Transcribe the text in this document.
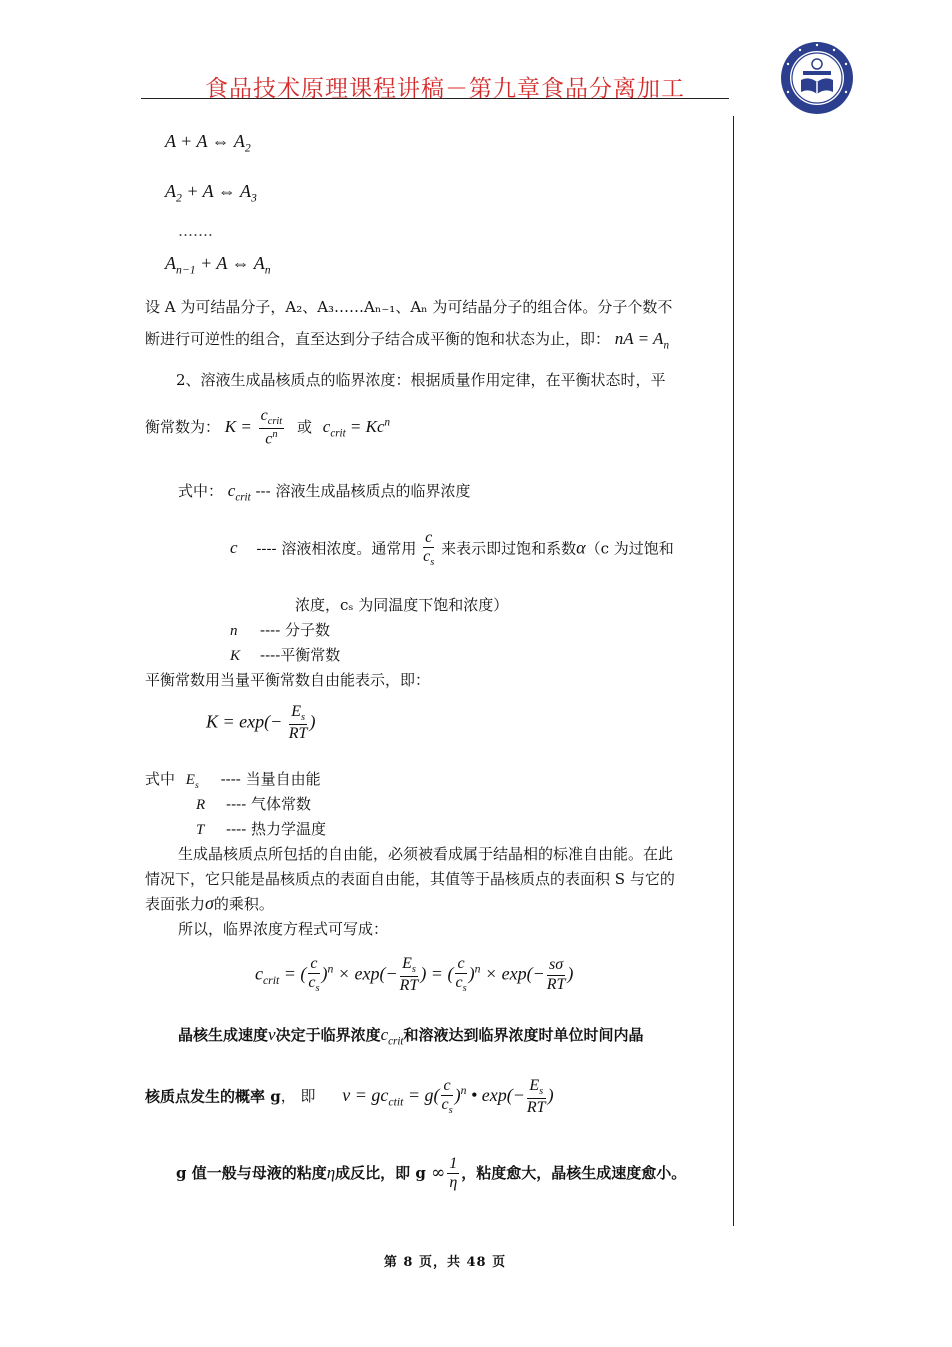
食品技术原理课程讲稿－第九章食品分离加工
A + A ⇔ $A_2$
$A_2 + A$ ⇔ $A_3$
…….
$A_{n-1} + A$ ⇔ $A_n$
设 A 为可结晶分子，A₂、A₃……Aₙ₋₁、Aₙ 为可结晶分子的组合体。分子个数不
断进行可逆性的组合，直至达到分子结合成平衡的饱和状态为止，即： nA = $A_n$
2、溶液生成晶核质点的临界浓度：根据质量作用定律，在平衡状态时，平
衡常数为： $K = \frac{c_{crit}}{c^n}$ 或 $c_{crit} = Kc^n$
式中： $c_{crit}$ --- 溶液生成晶核质点的临界浓度
c ---- 溶液相浓度。通常用 $\frac{c}{c_s}$ 来表示即过饱和系数α（c 为过饱和
浓度，cₛ 为同温度下饱和浓度）
n ---- 分子数
K ----平衡常数
平衡常数用当量平衡常数自由能表示，即：
$K = \exp(- \frac{E_s}{RT}$ )
式中 $E_s$ ---- 当量自由能
R ---- 气体常数
T ---- 热力学温度
生成晶核质点所包括的自由能，必须被看成属于结晶相的标准自由能。在此
情况下，它只能是晶核质点的表面自由能，其值等于晶核质点的表面积 S 与它的
表面张力σ的乘积。
所以，临界浓度方程式可写成：
$c_{crit}$ = ( $\frac{c}{c_s} )^n \times \exp(- \frac{E_s}{RT}$ ) = ( $\frac{c}{c_s} )^n \times \exp(- \frac{s\sigma}{RT}$ )
晶核生成速度v决定于临界浓度$c_{crit}$和溶液达到临界浓度时单位时间内晶
核质点发生的概率 g， 即 $v = gc_{ctit} = g( \frac{c}{c_s} )^n$ • $\exp(- \frac{E_s}{RT}$ )
g 值一般与母液的粘度η成反比，即 g ∞ $\frac{1}{\eta}$ ，粘度愈大，晶核生成速度愈小。
第 8 页，共 48 页
